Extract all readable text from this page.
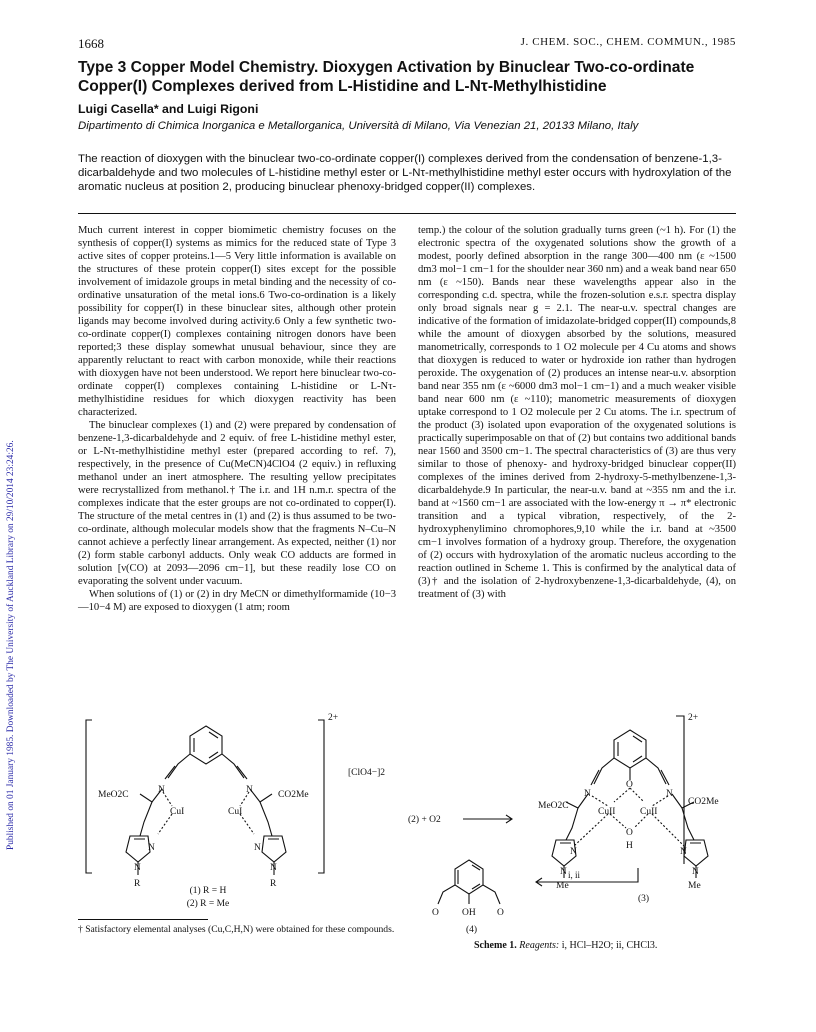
Published on 01 January 1985. Downloaded by The University of Auckland Library on 29/10/2014 23:24:26.
1668	J. CHEM. SOC., CHEM. COMMUN., 1985
Type 3 Copper Model Chemistry. Dioxygen Activation by Binuclear Two-co-ordinate Copper(I) Complexes derived from L-Histidine and L-Nτ-Methylhistidine
Luigi Casella* and Luigi Rigoni
Dipartimento di Chimica Inorganica e Metallorganica, Università di Milano, Via Venezian 21, 20133 Milano, Italy
The reaction of dioxygen with the binuclear two-co-ordinate copper(I) complexes derived from the condensation of benzene-1,3-dicarbaldehyde and two molecules of L-histidine methyl ester or L-Nτ-methylhistidine methyl ester occurs with hydroxylation of the aromatic nucleus at position 2, producing binuclear phenoxy-bridged copper(II) complexes.

Much current interest in copper biomimetic chemistry focuses on the synthesis of copper(I) systems as mimics for the reduced state of Type 3 active sites of copper proteins.1—5 Very little information is available on the structures of these protein copper(I) sites except for the possible involvement of imidazole groups in metal binding and the necessity of co-ordinative unsaturation of the metal ions.6 Two-co-ordination is a likely possibility for copper(I) in these binuclear sites, although other protein ligands may become involved during activity.6 Only a few synthetic two-co-ordinate copper(I) complexes containing nitrogen donors have been reported;3 these display somewhat unusual behaviour, since they are apparently reluctant to react with carbon monoxide, while their reactions with dioxygen have not been understood. We report here binuclear two-co-ordinate copper(I) complexes containing L-histidine or L-Nτ-methylhistidine residues for which dioxygen reactivity has been characterized.

The binuclear complexes (1) and (2) were prepared by condensation of benzene-1,3-dicarbaldehyde and 2 equiv. of free L-histidine methyl ester, or L-Nτ-methylhistidine methyl ester (prepared according to ref. 7), respectively, in the presence of Cu(MeCN)4ClO4 (2 equiv.) in refluxing methanol under an inert atmosphere. The resulting yellow precipitates were recrystallized from methanol.† The i.r. and 1H n.m.r. spectra of the complexes indicate that the ester groups are not co-ordinated to copper(I). The structure of the metal centres in (1) and (2) is thus assumed to be two-co-ordinate, although molecular models show that the fragments N–Cu–N cannot achieve a perfectly linear arrangement. As expected, neither (1) nor (2) form stable carbonyl adducts. Only weak CO adducts are formed in solution [ν(CO) at 2093—2096 cm−1], but these readily lose CO on evaporating the solvent under vacuum.

When solutions of (1) or (2) in dry MeCN or dimethylformamide (10−3—10−4 M) are exposed to dioxygen (1 atm; room

temp.) the colour of the solution gradually turns green (~1 h). For (1) the electronic spectra of the oxygenated solutions show the growth of a modest, poorly defined absorption in the range 300—400 nm (ε ~1500 dm3 mol−1 cm−1 for the shoulder near 360 nm) and a weak band near 650 nm (ε ~150). Bands near these wavelengths appear also in the corresponding c.d. spectra, while the frozen-solution e.s.r. spectra display only broad signals near g = 2.1. The near-u.v. spectral changes are indicative of the formation of imidazolate-bridged copper(II) compounds,8 while the amount of dioxygen absorbed by the solutions, measured manometrically, corresponds to 1 O2 molecule per 4 Cu atoms and shows that dioxygen is reduced to water or hydroxide ion rather than hydrogen peroxide. The oxygenation of (2) produces an intense near-u.v. absorption band near 355 nm (ε ~6000 dm3 mol−1 cm−1) and a much weaker visible band near 600 nm (ε ~110); manometric measurements of dioxygen uptake correspond to 1 O2 molecule per 2 Cu atoms. The i.r. spectrum of the product (3) isolated upon evaporation of the oxygenated solutions is practically superimposable on that of (2) but contains two additional bands near 1560 and 3500 cm−1. The spectral characteristics of (3) are thus very similar to those of phenoxy- and hydroxy-bridged binuclear copper(II) complexes of the imines derived from 2-hydroxy-5-methylbenzene-1,3-dicarbaldehyde.9 In particular, the near-u.v. band at ~355 nm and the i.r. band at ~1560 cm−1 are associated with the low-energy π → π* electronic transition and a typical vibration, respectively, of the 2-hydroxyphenylimino chromophores,9,10 while the i.r. band at ~3500 cm−1 involves formation of a hydroxy group. Therefore, the oxygenation of (2) occurs with hydroxylation of the aromatic nucleus according to the reaction outlined in Scheme 1. This is confirmed by the analytical data of (3)† and the isolation of 2-hydroxybenzene-1,3-dicarbaldehyde, (4), on treatment of (3) with

MeO2C	CO2Me
N	N
CuI	CuI
N	N
N	N
R	R
2+
[ClO4−]2
(1) R = H
(2) R = Me
(2) + O2
MeO2C	CO2Me
O
N	N
CuII	CuII
O
H
N	N
N	N
Me	Me
2+
(3)
i, ii
O OH O
(4)
† Satisfactory elemental analyses (Cu,C,H,N) were obtained for these compounds.
Scheme 1. Reagents: i, HCl–H2O; ii, CHCl3.
